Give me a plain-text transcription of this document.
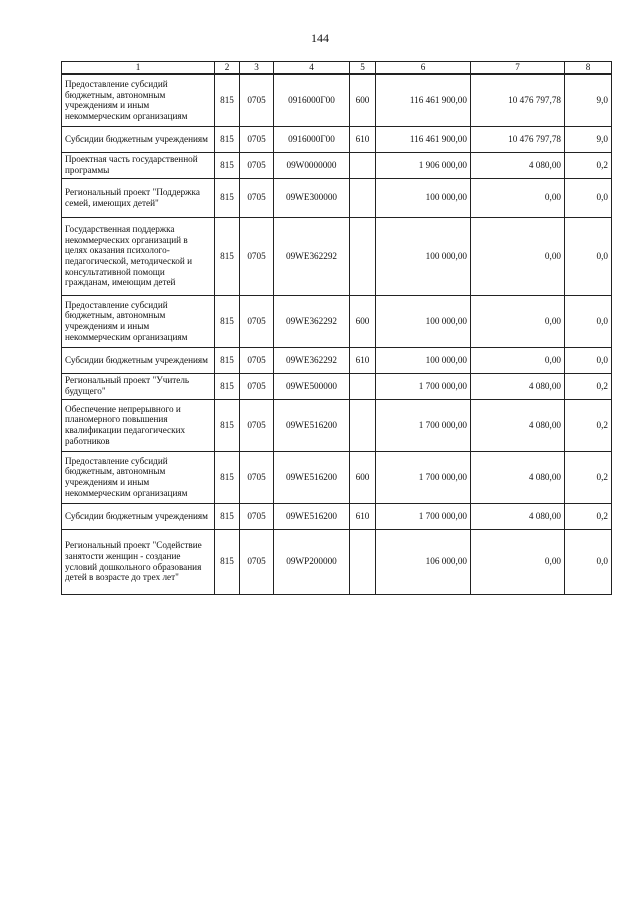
144
1	2	3	4	5	6	7	8
Предоставление субсидий бюджетным, автономным учреждениям и иным некоммерческим организациям	815	0705	0916000Г00	600	116 461 900,00	10 476 797,78	9,0
Субсидии бюджетным учреждениям	815	0705	0916000Г00	610	116 461 900,00	10 476 797,78	9,0
Проектная часть государственной программы	815	0705	09W0000000		1 906 000,00	4 080,00	0,2
Региональный проект "Поддержка семей, имеющих детей"	815	0705	09WE300000		100 000,00	0,00	0,0
Государственная поддержка некоммерческих организаций в целях оказания психолого-педагогической, методической и консультативной помощи гражданам, имеющим детей	815	0705	09WE362292		100 000,00	0,00	0,0
Предоставление субсидий бюджетным, автономным учреждениям и иным некоммерческим организациям	815	0705	09WE362292	600	100 000,00	0,00	0,0
Субсидии бюджетным учреждениям	815	0705	09WE362292	610	100 000,00	0,00	0,0
Региональный проект "Учитель будущего"	815	0705	09WE500000		1 700 000,00	4 080,00	0,2
Обеспечение непрерывного и планомерного повышения квалификации педагогических работников	815	0705	09WE516200		1 700 000,00	4 080,00	0,2
Предоставление субсидий бюджетным, автономным учреждениям и иным некоммерческим организациям	815	0705	09WE516200	600	1 700 000,00	4 080,00	0,2
Субсидии бюджетным учреждениям	815	0705	09WE516200	610	1 700 000,00	4 080,00	0,2
Региональный проект "Содействие занятости женщин - создание условий дошкольного образования детей в возрасте до трех лет"	815	0705	09WP200000		106 000,00	0,00	0,0
